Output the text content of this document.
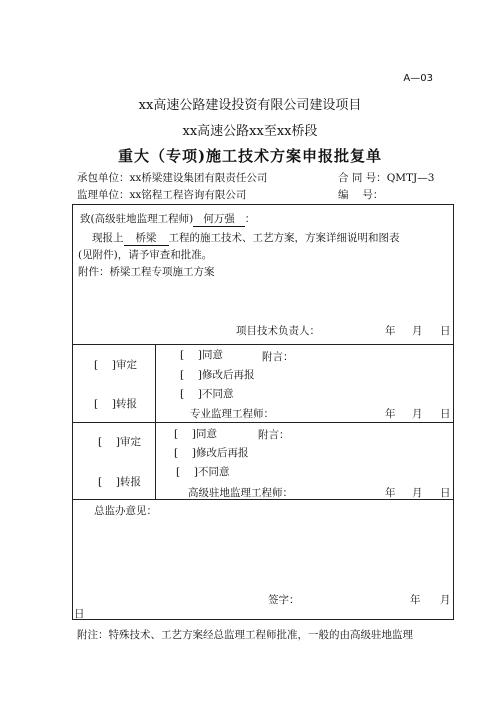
A—03
xx高速公路建设投资有限公司建设项目
xx高速公路xx至xx桥段
重大（专项)施工技术方案申报批复单
承包单位：xx桥梁建设集团有限责任公司	合 同 号：QMTJ—3
监理单位：xx铭程工程咨询有限公司	编　 号：
致(高级驻地监理工程师) 何万强 ：
现报上 桥梁 工程的施工技术、工艺方案，方案详细说明和图表
(见附件)，请予审查和批准。
附件：桥梁工程专项施工方案
项目技术负责人：	年 月 日
[　 ]审定
[　 ]转报
[　 ]同意	附言：
[　 ]修改后再报
[　 ]不同意
专业监理工程师：	年 月 日
[　 ]审定
[　 ]转报
[　 ]同意	附言：
[　 ]修改后再报
[　 ]不同意
高级驻地监理工程师：	年 月 日
总监办意见：
签字：	年 月
日
附注：特殊技术、工艺方案经总监理工程师批准，一般的由高级驻地监理
